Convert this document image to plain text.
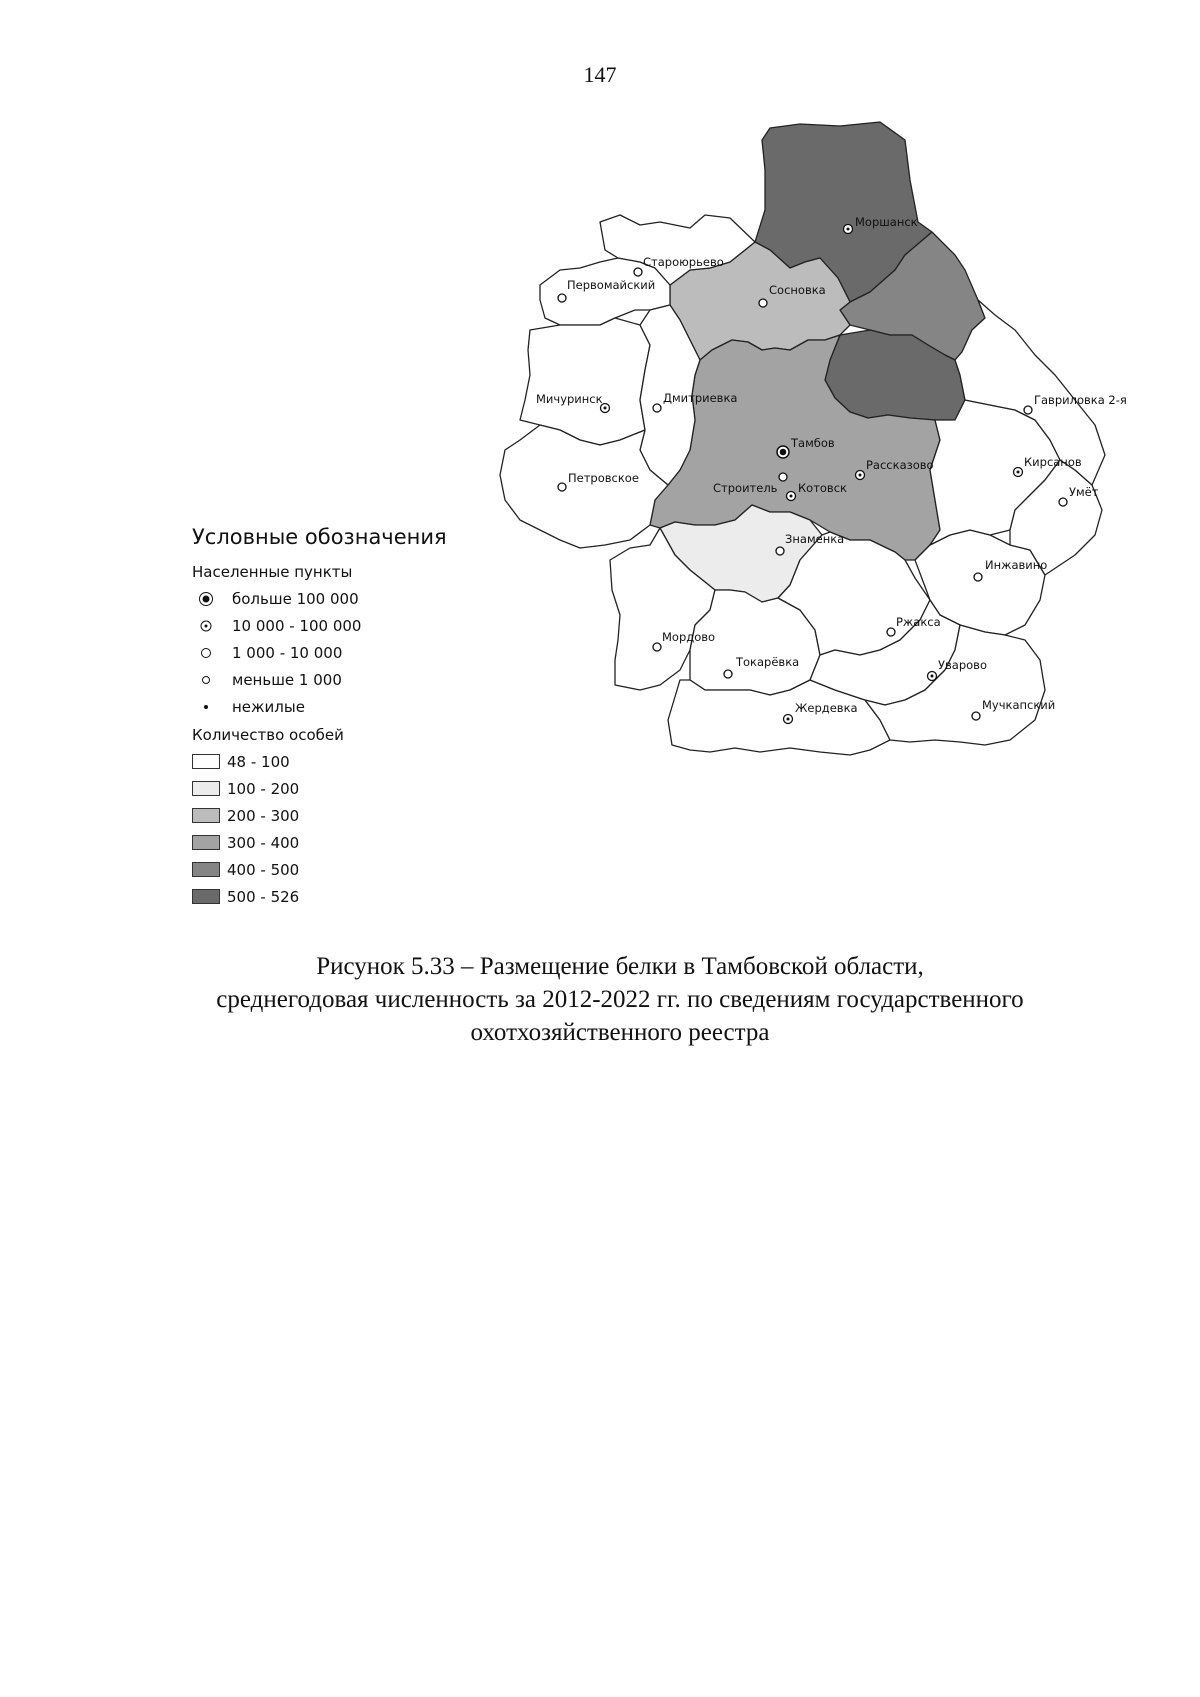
147
Моршанск
Староюрьево
Первомайский	Сосновка
Мичуринск	Дмитриевка	Гавриловка 2-я
Тамбов
Петровское
Рассказово	Кирсанов
Строитель Котовск	Умёт
Знаменка
Инжавино
Мордово
Ржакса
Токарёвка	Уварово
Жердевка	Мучкапский
Условные обозначения
Населенные пункты
больше 100 000
10 000 - 100 000
1 000 - 10 000
меньше 1 000
нежилые
Количество особей
48 - 100
100 - 200
200 - 300
300 - 400
400 - 500
500 - 526
Рисунок 5.33 – Размещение белки в Тамбовской области,
среднегодовая численность за 2012-2022 гг. по сведениям государственного
охотхозяйственного реестра
